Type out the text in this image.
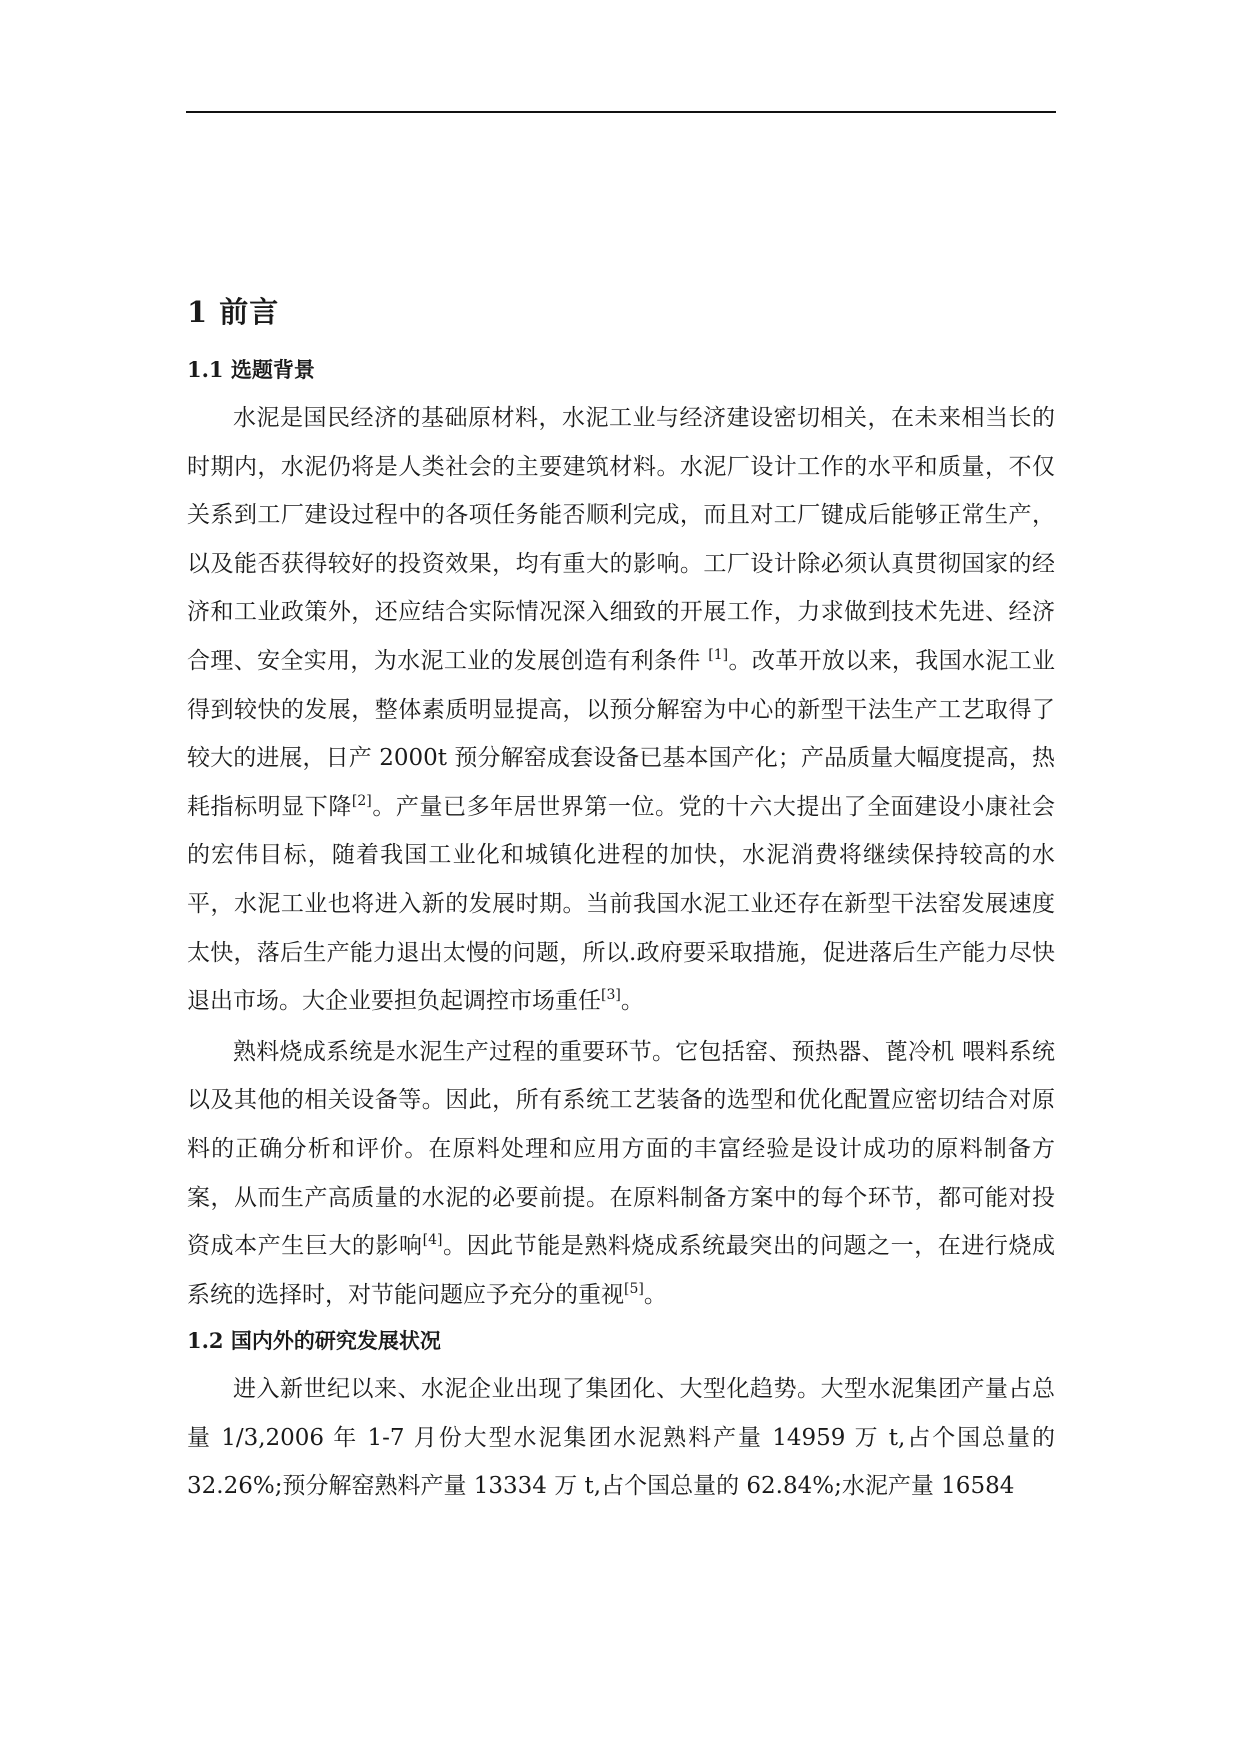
1 前言
1.1 选题背景

水泥是国民经济的基础原材料，水泥工业与经济建设密切相关，在未来相当长的时期内，水泥仍将是人类社会的主要建筑材料。水泥厂设计工作的水平和质量，不仅关系到工厂建设过程中的各项任务能否顺利完成，而且对工厂键成后能够正常生产，以及能否获得较好的投资效果，均有重大的影响。工厂设计除必须认真贯彻国家的经济和工业政策外，还应结合实际情况深入细致的开展工作，力求做到技术先进、经济合理、安全实用，为水泥工业的发展创造有利条件 [1]。改革开放以来，我国水泥工业得到较快的发展，整体素质明显提高，以预分解窑为中心的新型干法生产工艺取得了较大的进展，日产 2000t 预分解窑成套设备已基本国产化；产品质量大幅度提高，热耗指标明显下降[2]。产量已多年居世界第一位。党的十六大提出了全面建设小康社会的宏伟目标，随着我国工业化和城镇化进程的加快，水泥消费将继续保持较高的水平，水泥工业也将进入新的发展时期。当前我国水泥工业还存在新型干法窑发展速度太快，落后生产能力退出太慢的问题，所以.政府要采取措施，促进落后生产能力尽快退出市场。大企业要担负起调控市场重任[3]。

熟料烧成系统是水泥生产过程的重要环节。它包括窑、预热器、蓖冷机 喂料系统以及其他的相关设备等。因此，所有系统工艺装备的选型和优化配置应密切结合对原料的正确分析和评价。在原料处理和应用方面的丰富经验是设计成功的原料制备方案，从而生产高质量的水泥的必要前提。在原料制备方案中的每个环节，都可能对投资成本产生巨大的影响[4]。因此节能是熟料烧成系统最突出的问题之一，在进行烧成系统的选择时，对节能问题应予充分的重视[5]。

1.2 国内外的研究发展状况

进入新世纪以来、水泥企业出现了集团化、大型化趋势。大型水泥集团产量占总量 1/3,2006 年 1-7 月份大型水泥集团水泥熟料产量 14959 万 t,占个国总量的 32.26%;预分解窑熟料产量 13334 万 t,占个国总量的 62.84%;水泥产量 16584
